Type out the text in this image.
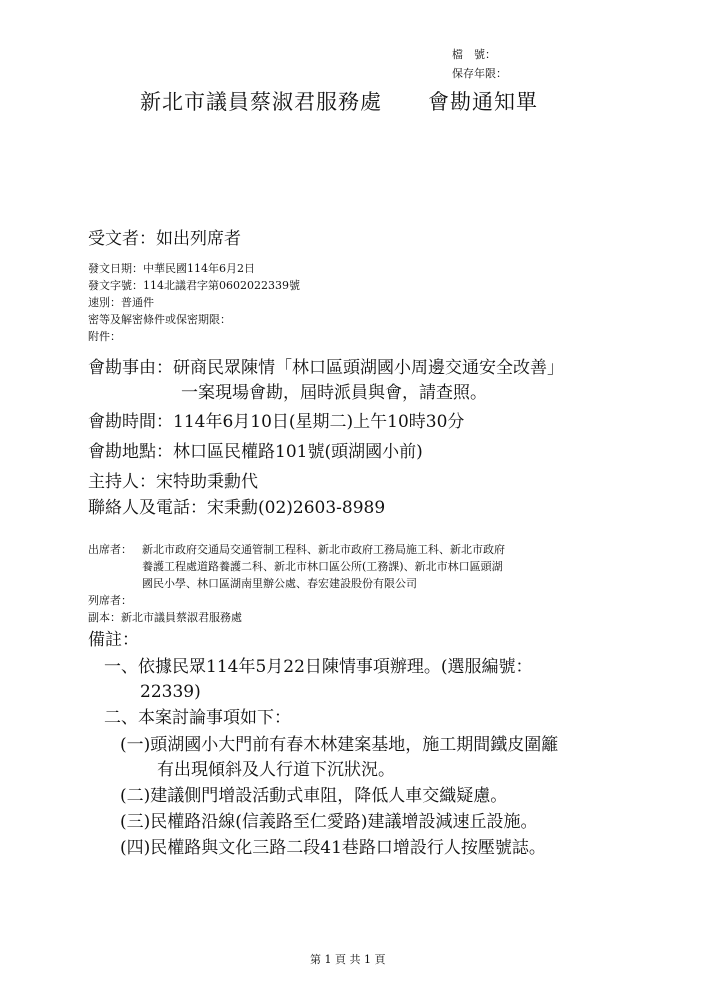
檔　號：
保存年限：
新北市議員蔡淑君服務處 會勘通知單
受文者：如出列席者
發文日期：中華民國114年6月2日
發文字號：114北議君字第0602022339號
速別：普通件
密等及解密條件或保密期限：
附件：
會勘事由：研商民眾陳情「林口區頭湖國小周邊交通安全改善」
一案現場會勘，屆時派員與會，請查照。
會勘時間：114年6月10日(星期二)上午10時30分
會勘地點：林口區民權路101號(頭湖國小前)
主持人：宋特助秉勳代
聯絡人及電話：宋秉勳(02)2603-8989
出席者： 新北市政府交通局交通管制工程科、新北市政府工務局施工科、新北市政府
養護工程處道路養護二科、新北市林口區公所(工務課)、新北市林口區頭湖
國民小學、林口區湖南里辦公處、春宏建設股份有限公司
列席者：
副本：新北市議員蔡淑君服務處
備註：
一、依據民眾114年5月22日陳情事項辦理。(選服編號：
22339)
二、本案討論事項如下：
(一)頭湖國小大門前有春木林建案基地，施工期間鐵皮圍籬
有出現傾斜及人行道下沉狀況。
(二)建議側門增設活動式車阻，降低人車交織疑慮。
(三)民權路沿線(信義路至仁愛路)建議增設減速丘設施。
(四)民權路與文化三路二段41巷路口增設行人按壓號誌。
第 1 頁 共 1 頁
